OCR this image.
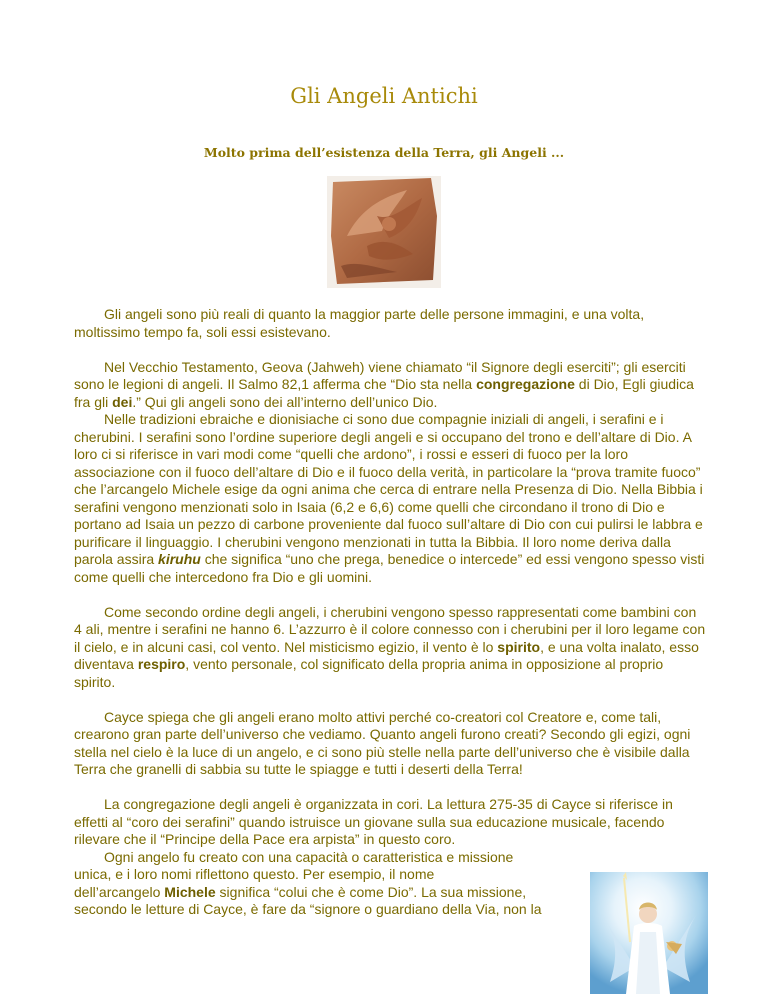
Gli Angeli Antichi
Molto prima dell’esistenza della Terra, gli Angeli ...

Gli angeli sono più reali di quanto la maggior parte delle persone immagini, e una volta, moltissimo tempo fa, soli essi esistevano.

Nel Vecchio Testamento, Geova (Jahweh) viene chiamato “il Signore degli eserciti”; gli eserciti sono le legioni di angeli. Il Salmo 82,1 afferma che “Dio sta nella congregazione di Dio, Egli giudica fra gli dei.” Qui gli angeli sono dei all’interno dell’unico Dio.

Nelle tradizioni ebraiche e dionisiache ci sono due compagnie iniziali di angeli, i serafini e i cherubini. I serafini sono l’ordine superiore degli angeli e si occupano del trono e dell’altare di Dio. A loro ci si riferisce in vari modi come “quelli che ardono”, i rossi e esseri di fuoco per la loro associazione con il fuoco dell’altare di Dio e il fuoco della verità, in particolare la “prova tramite fuoco” che l’arcangelo Michele esige da ogni anima che cerca di entrare nella Presenza di Dio. Nella Bibbia i serafini vengono menzionati solo in Isaia (6,2 e 6,6) come quelli che circondano il trono di Dio e portano ad Isaia un pezzo di carbone proveniente dal fuoco sull’altare di Dio con cui pulirsi le labbra e purificare il linguaggio. I cherubini vengono menzionati in tutta la Bibbia. Il loro nome deriva dalla parola assira kiruhu che significa “uno che prega, benedice o intercede” ed essi vengono spesso visti come quelli che intercedono fra Dio e gli uomini.

Come secondo ordine degli angeli, i cherubini vengono spesso rappresentati come bambini con 4 ali, mentre i serafini ne hanno 6. L’azzurro è il colore connesso con i cherubini per il loro legame con il cielo, e in alcuni casi, col vento. Nel misticismo egizio, il vento è lo spirito, e una volta inalato, esso diventava respiro, vento personale, col significato della propria anima in opposizione al proprio spirito.

Cayce spiega che gli angeli erano molto attivi perché co-creatori col Creatore e, come tali, crearono gran parte dell’universo che vediamo. Quanto angeli furono creati? Secondo gli egizi, ogni stella nel cielo è la luce di un angelo, e ci sono più stelle nella parte dell’universo che è visibile dalla Terra che granelli di sabbia su tutte le spiagge e tutti i deserti della Terra!

La congregazione degli angeli è organizzata in cori. La lettura 275-35 di Cayce si riferisce in effetti al “coro dei serafini” quando istruisce un giovane sulla sua educazione musicale, facendo rilevare che il “Principe della Pace era arpista” in questo coro.

Ogni angelo fu creato con una capacità o caratteristica e missione
unica, e i loro nomi riflettono questo. Per esempio, il nome
dell’arcangelo Michele significa “colui che è come Dio”. La sua missione,
secondo le letture di Cayce, è fare da “signore o guardiano della Via, non la
